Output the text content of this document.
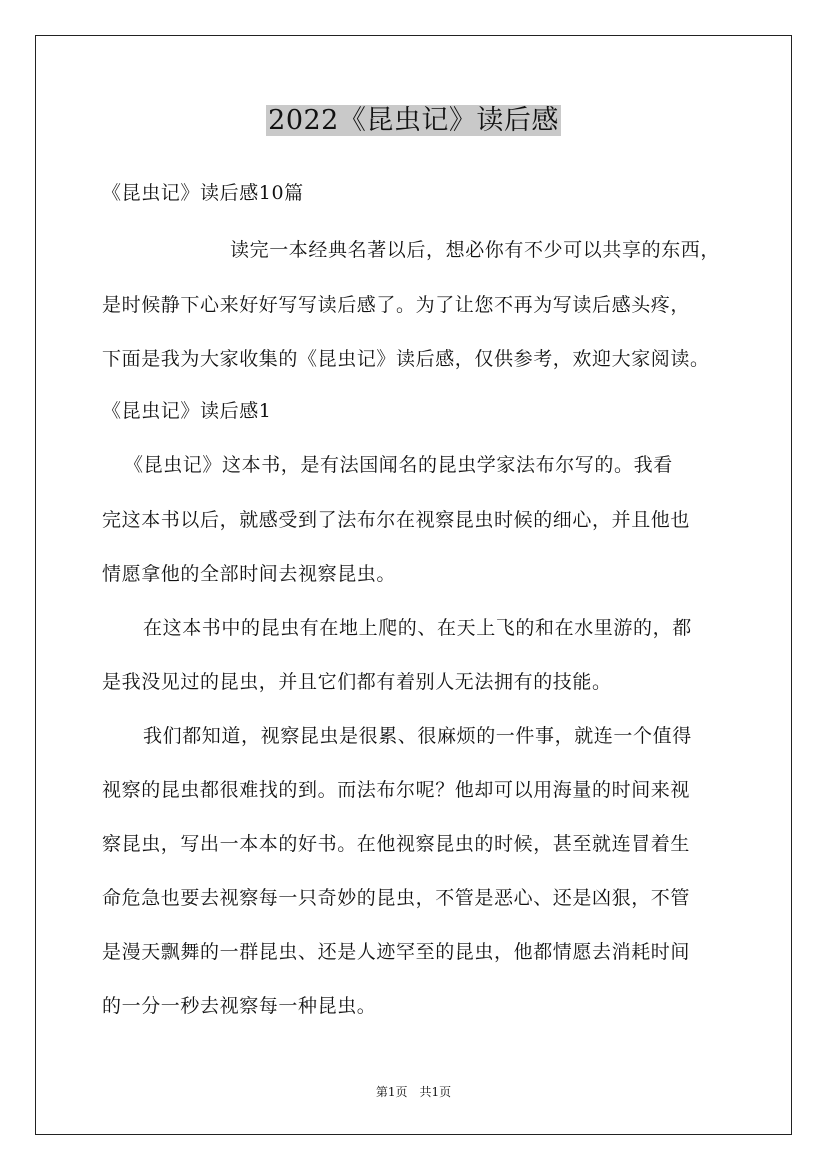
2022《昆虫记》读后感
《昆虫记》读后感10篇
读完一本经典名著以后，想必你有不少可以共享的东西，
是时候静下心来好好写写读后感了。为了让您不再为写读后感头疼，
下面是我为大家收集的《昆虫记》读后感，仅供参考，欢迎大家阅读。
《昆虫记》读后感1
《昆虫记》这本书，是有法国闻名的昆虫学家法布尔写的。我看
完这本书以后，就感受到了法布尔在视察昆虫时候的细心，并且他也
情愿拿他的全部时间去视察昆虫。
在这本书中的昆虫有在地上爬的、在天上飞的和在水里游的，都
是我没见过的昆虫，并且它们都有着别人无法拥有的技能。
我们都知道，视察昆虫是很累、很麻烦的一件事，就连一个值得
视察的昆虫都很难找的到。而法布尔呢？他却可以用海量的时间来视
察昆虫，写出一本本的好书。在他视察昆虫的时候，甚至就连冒着生
命危急也要去视察每一只奇妙的昆虫，不管是恶心、还是凶狠，不管
是漫天飘舞的一群昆虫、还是人迹罕至的昆虫，他都情愿去消耗时间
的一分一秒去视察每一种昆虫。
第1页　共1页
